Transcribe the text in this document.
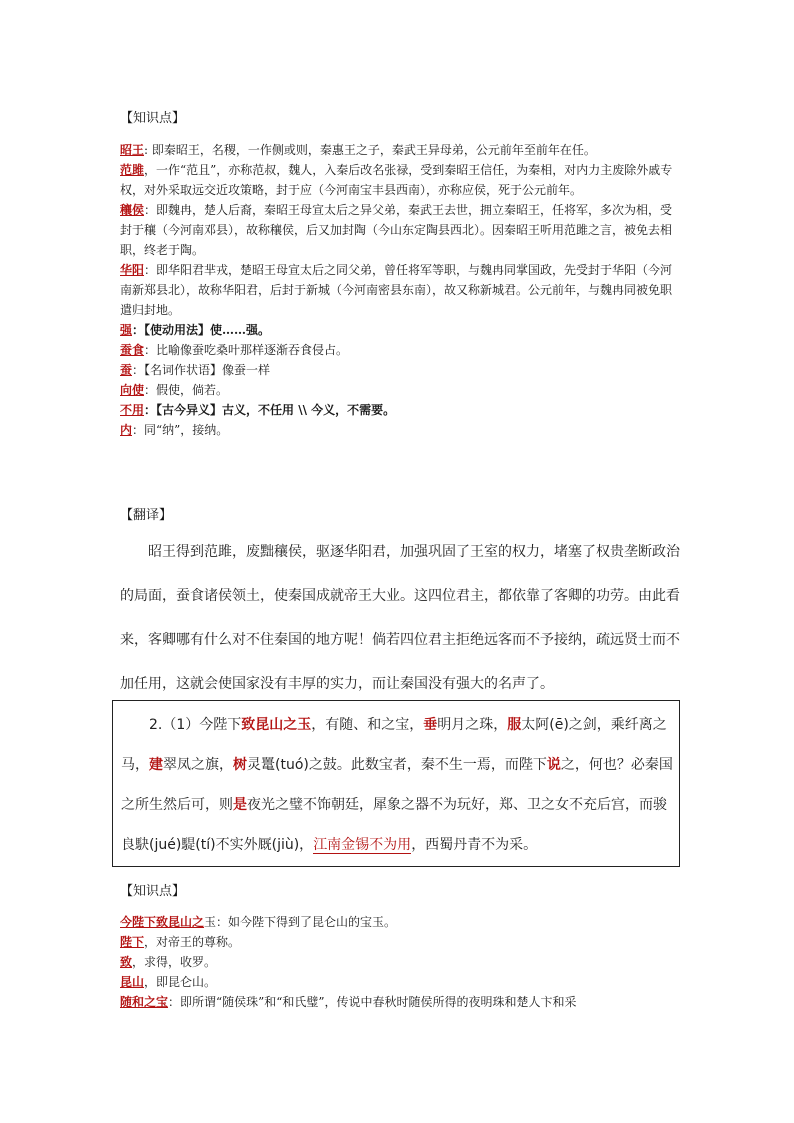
【知识点】

昭王: 即秦昭王，名稷，一作侧或则，秦惠王之子，秦武王异母弟，公元前年至前年在任。

范雎，一作“范且”，亦称范叔，魏人，入秦后改名张禄，受到秦昭王信任，为秦相，对内力主废除外戚专权，对外采取远交近攻策略，封于应（今河南宝丰县西南），亦称应侯，死于公元前年。

穰侯：即魏冉，楚人后裔，秦昭王母宣太后之异父弟，秦武王去世，拥立秦昭王，任将军，多次为相，受封于穰（今河南邓县），故称穰侯，后又加封陶（今山东定陶县西北）。因秦昭王听用范雎之言，被免去相职，终老于陶。

华阳：即华阳君芈戎，楚昭王母宣太后之同父弟，曾任将军等职，与魏冉同掌国政，先受封于华阳（今河南新郑县北），故称华阳君，后封于新城（今河南密县东南），故又称新城君。公元前年，与魏冉同被免职遣归封地。

强：【使动用法】使……强。

蚕食：比喻像蚕吃桑叶那样逐渐吞食侵占。

蚕：【名词作状语】像蚕一样

向使：假使，倘若。

不用：【古今异义】古义，不任用 \\ 今义，不需要。

内：同“纳”，接纳。

【翻译】
昭王得到范雎，废黜穰侯，驱逐华阳君，加强巩固了王室的权力，堵塞了权贵垄断政治的局面，蚕食诸侯领土，使秦国成就帝王大业。这四位君主，都依靠了客卿的功劳。由此看来，客卿哪有什么对不住秦国的地方呢！倘若四位君主拒绝远客而不予接纳，疏远贤士而不加任用，这就会使国家没有丰厚的实力，而让秦国没有强大的名声了。
2.（1）今陛下致昆山之玉，有随、和之宝，垂明月之珠，服太阿(ē)之剑，乘纤离之马，建翠凤之旗，树灵鼍(tuó)之鼓。此数宝者，秦不生一焉，而陛下说之，何也？必秦国之所生然后可，则是夜光之璧不饰朝廷，犀象之器不为玩好，郑、卫之女不充后宫，而骏良駃(jué)騠(tí)不实外厩(jiù)，江南金锡不为用，西蜀丹青不为采。
【知识点】

今陛下致昆山之玉：如今陛下得到了昆仑山的宝玉。

陛下，对帝王的尊称。

致，求得，收罗。

昆山，即昆仑山。

随和之宝：即所谓“随侯珠”和“和氏璧”，传说中春秋时随侯所得的夜明珠和楚人卞和采
